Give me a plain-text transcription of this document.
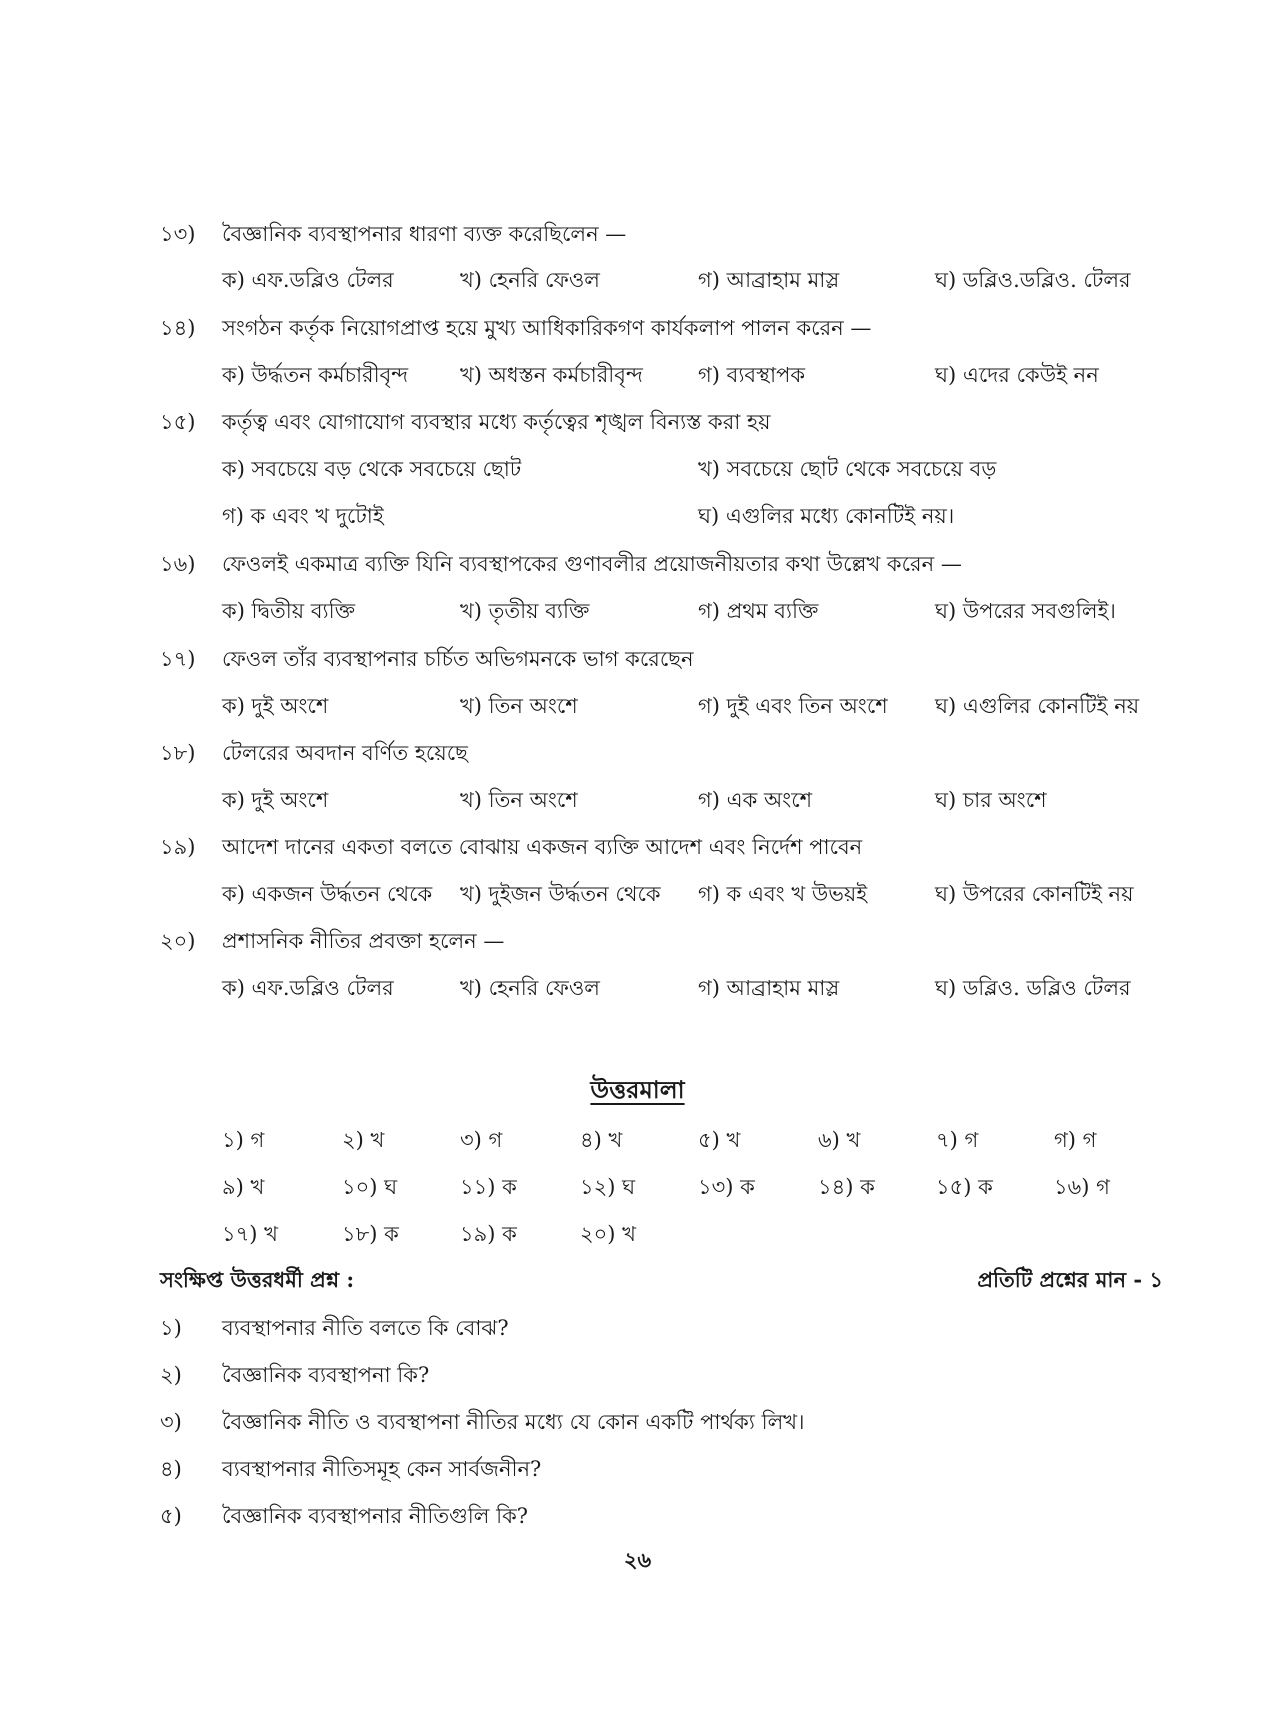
১৩) বৈজ্ঞানিক ব্যবস্থাপনার ধারণা ব্যক্ত করেছিলেন —
ক) এফ.ডব্লিও টেলর	খ) হেনরি ফেওল	গ) আব্রাহাম মাস্ল	ঘ) ডব্লিও.ডব্লিও. টেলর
১৪) সংগঠন কর্তৃক নিয়োগপ্রাপ্ত হয়ে মুখ্য আধিকারিকগণ কার্যকলাপ পালন করেন —
ক) উর্দ্ধতন কর্মচারীবৃন্দ খ) অধস্তন কর্মচারীবৃন্দ	গ) ব্যবস্থাপক	ঘ) এদের কেউই নন
১৫) কর্তৃত্ব এবং যোগাযোগ ব্যবস্থার মধ্যে কর্তৃত্বের শৃঙ্খল বিন্যস্ত করা হয়
ক) সবচেয়ে বড় থেকে সবচেয়ে ছোট	খ) সবচেয়ে ছোট থেকে সবচেয়ে বড়
গ) ক এবং খ দুটোই	ঘ) এগুলির মধ্যে কোনটিই নয়।
১৬) ফেওলই একমাত্র ব্যক্তি যিনি ব্যবস্থাপকের গুণাবলীর প্রয়োজনীয়তার কথা উল্লেখ করেন —
ক) দ্বিতীয় ব্যক্তি	খ) তৃতীয় ব্যক্তি	গ) প্রথম ব্যক্তি	ঘ) উপরের সবগুলিই।
১৭) ফেওল তাঁর ব্যবস্থাপনার চর্চিত অভিগমনকে ভাগ করেছেন
ক) দুই অংশে	খ) তিন অংশে	গ) দুই এবং তিন অংশে ঘ) এগুলির কোনটিই নয়
১৮) টেলরের অবদান বর্ণিত হয়েছে
ক) দুই অংশে	খ) তিন অংশে	গ) এক অংশে	ঘ) চার অংশে
১৯) আদেশ দানের একতা বলতে বোঝায় একজন ব্যক্তি আদেশ এবং নির্দেশ পাবেন
ক) একজন উর্দ্ধতন থেকে খ) দুইজন উর্দ্ধতন থেকে গ) ক এবং খ উভয়ই	ঘ) উপরের কোনটিই নয়
২০) প্রশাসনিক নীতির প্রবক্তা হলেন —
ক) এফ.ডব্লিও টেলর	খ) হেনরি ফেওল	গ) আব্রাহাম মাস্ল	ঘ) ডব্লিও. ডব্লিও টেলর
উত্তরমালা
১) গ	২) খ	৩) গ	৪) খ	৫) খ	৬) খ	৭) গ	গ) গ
৯) খ	১০) ঘ	১১) ক	১২) ঘ	১৩) ক	১৪) ক	১৫) ক	১৬) গ
১৭) খ	১৮) ক	১৯) ক	২০) খ
সংক্ষিপ্ত উত্তরধর্মী প্রশ্ন :	প্রতিটি প্রশ্নের মান - ১
১) ব্যবস্থাপনার নীতি বলতে কি বোঝ?
২) বৈজ্ঞানিক ব্যবস্থাপনা কি?
৩) বৈজ্ঞানিক নীতি ও ব্যবস্থাপনা নীতির মধ্যে যে কোন একটি পার্থক্য লিখ।
৪) ব্যবস্থাপনার নীতিসমূহ কেন সার্বজনীন?
৫) বৈজ্ঞানিক ব্যবস্থাপনার নীতিগুলি কি?
২৬
